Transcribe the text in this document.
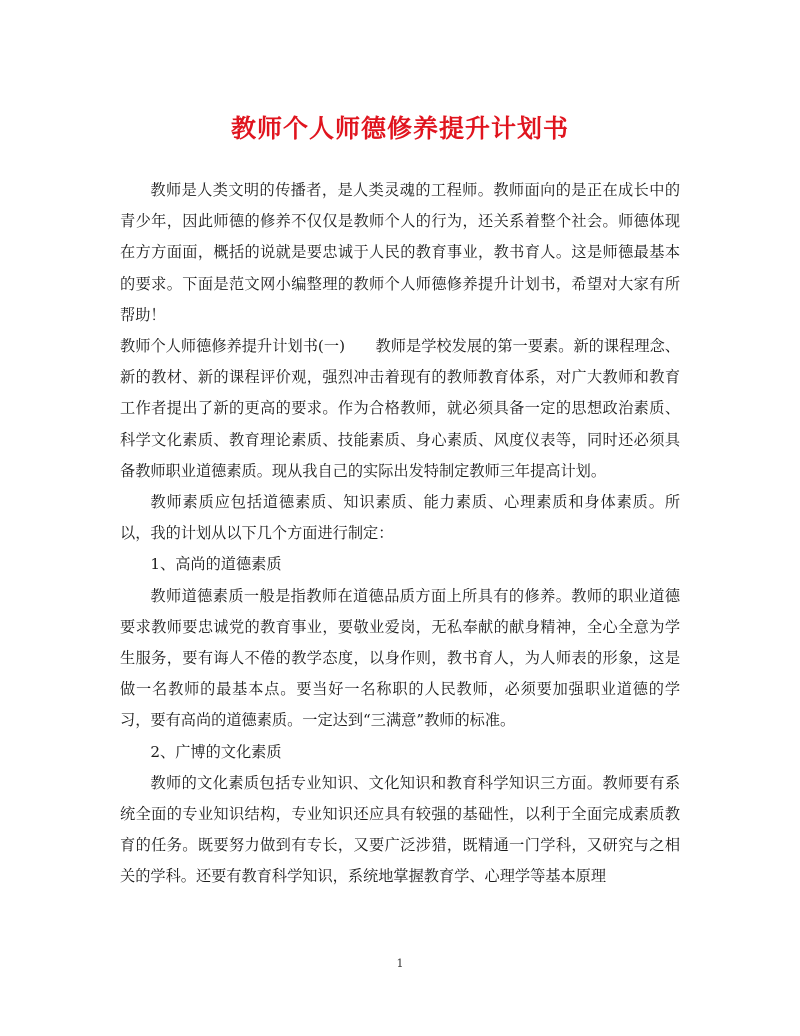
教师个人师德修养提升计划书

教师是人类文明的传播者，是人类灵魂的工程师。教师面向的是正在成长中的青少年，因此师德的修养不仅仅是教师个人的行为，还关系着整个社会。师德体现在方方面面，概括的说就是要忠诚于人民的教育事业，教书育人。这是师德最基本的要求。下面是范文网小编整理的教师个人师德修养提升计划书，希望对大家有所帮助！

教师个人师德修养提升计划书(一)　　教师是学校发展的第一要素。新的课程理念、新的教材、新的课程评价观，强烈冲击着现有的教师教育体系，对广大教师和教育工作者提出了新的更高的要求。作为合格教师，就必须具备一定的思想政治素质、科学文化素质、教育理论素质、技能素质、身心素质、风度仪表等，同时还必须具备教师职业道德素质。现从我自己的实际出发特制定教师三年提高计划。

教师素质应包括道德素质、知识素质、能力素质、心理素质和身体素质。所以，我的计划从以下几个方面进行制定：

1、高尚的道德素质

教师道德素质一般是指教师在道德品质方面上所具有的修养。教师的职业道德要求教师要忠诚党的教育事业，要敬业爱岗，无私奉献的献身精神，全心全意为学生服务，要有诲人不倦的教学态度，以身作则，教书育人，为人师表的形象，这是做一名教师的最基本点。要当好一名称职的人民教师，必须要加强职业道德的学习，要有高尚的道德素质。一定达到“三满意”教师的标准。

2、广博的文化素质

教师的文化素质包括专业知识、文化知识和教育科学知识三方面。教师要有系统全面的专业知识结构，专业知识还应具有较强的基础性，以利于全面完成素质教育的任务。既要努力做到有专长，又要广泛涉猎，既精通一门学科，又研究与之相关的学科。还要有教育科学知识，系统地掌握教育学、心理学等基本原理

1
